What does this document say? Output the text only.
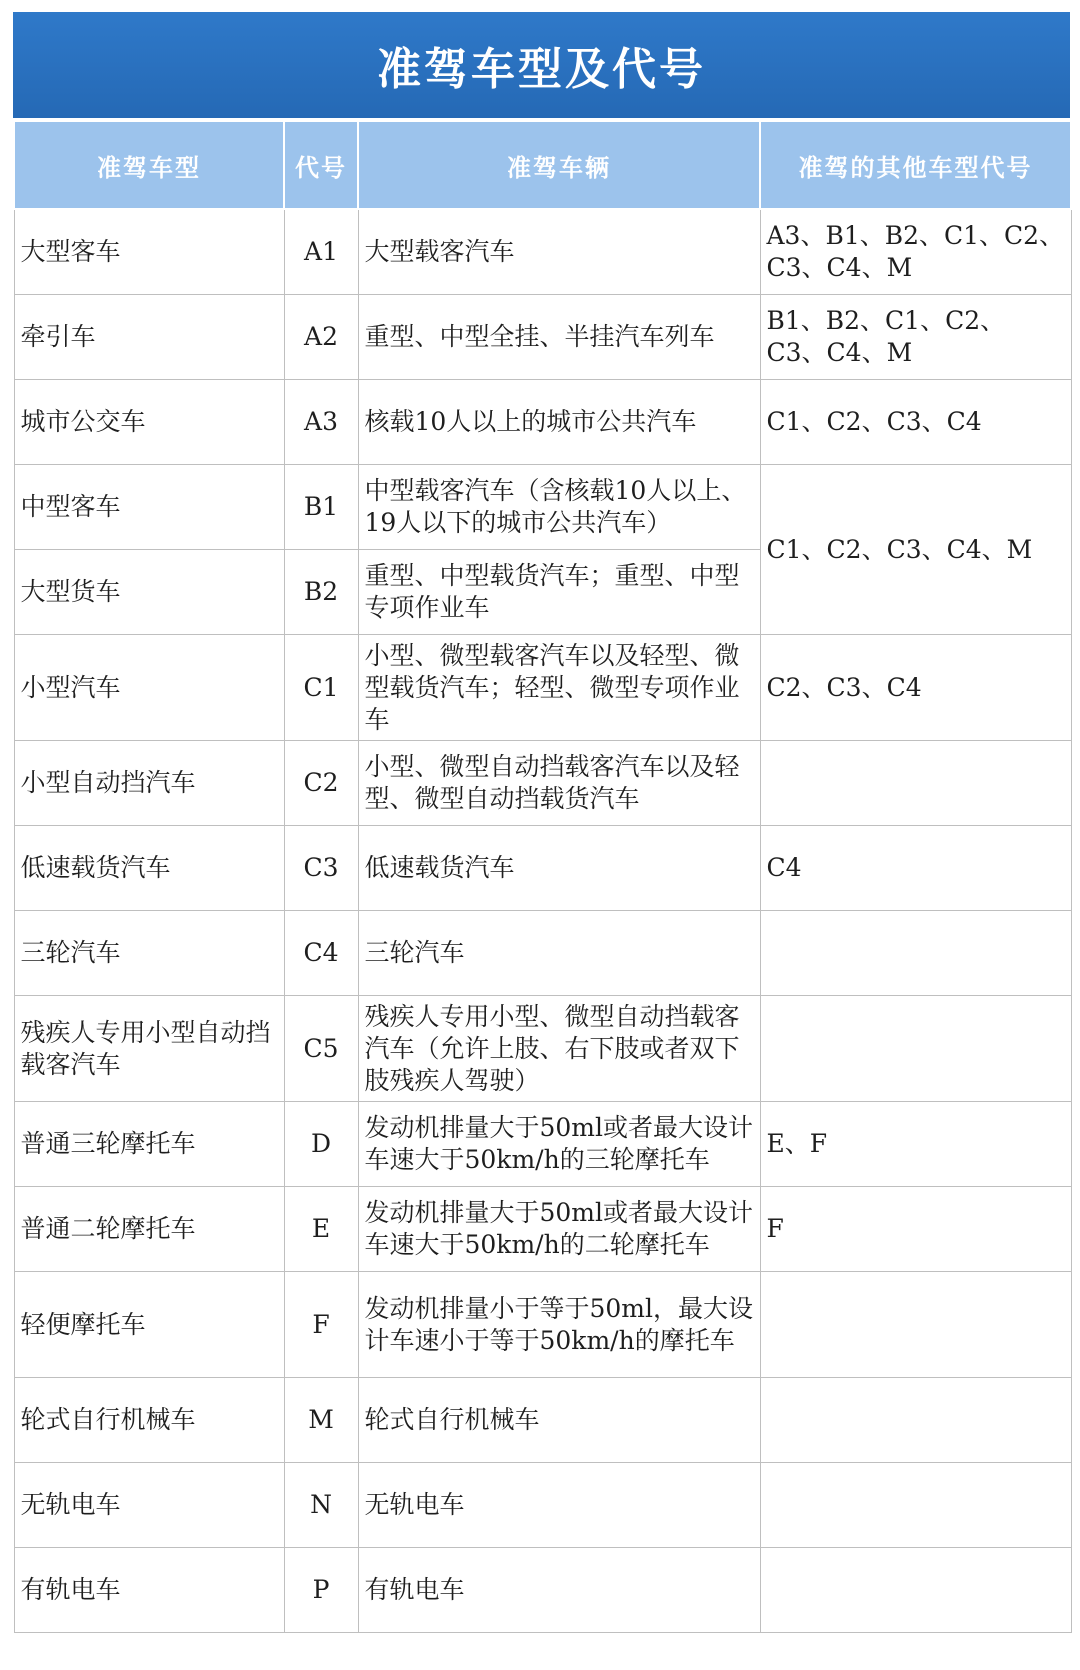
准驾车型及代号
准驾车型	代号	准驾车辆	准驾的其他车型代号
大型客车	A1	大型载客汽车	A3、B1、B2、C1、C2、C3、C4、M
牵引车	A2	重型、中型全挂、半挂汽车列车	B1、B2、C1、C2、C3、C4、M
城市公交车	A3	核载10人以上的城市公共汽车	C1、C2、C3、C4
中型客车	B1	中型载客汽车（含核载10人以上、19人以下的城市公共汽车）	C1、C2、C3、C4、M
大型货车	B2	重型、中型载货汽车；重型、中型专项作业车	
小型汽车	C1	小型、微型载客汽车以及轻型、微型载货汽车；轻型、微型专项作业车	C2、C3、C4
小型自动挡汽车	C2	小型、微型自动挡载客汽车以及轻型、微型自动挡载货汽车	
低速载货汽车	C3	低速载货汽车	C4
三轮汽车	C4	三轮汽车	
残疾人专用小型自动挡载客汽车	C5	残疾人专用小型、微型自动挡载客汽车（允许上肢、右下肢或者双下肢残疾人驾驶）	
普通三轮摩托车	D	发动机排量大于50ml或者最大设计车速大于50km/h的三轮摩托车	E、F
普通二轮摩托车	E	发动机排量大于50ml或者最大设计车速大于50km/h的二轮摩托车	F
轻便摩托车	F	发动机排量小于等于50ml，最大设计车速小于等于50km/h的摩托车	
轮式自行机械车	M	轮式自行机械车	
无轨电车	N	无轨电车	
有轨电车	P	有轨电车	
